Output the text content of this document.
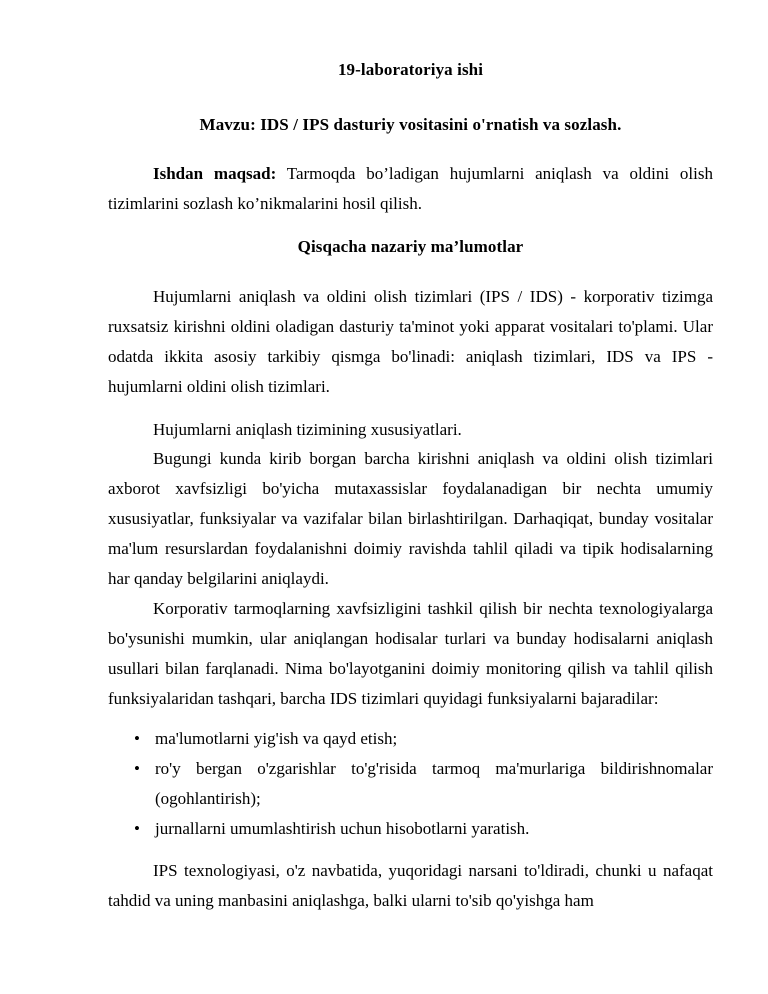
19-laboratoriya ishi
Mavzu: IDS / IPS dasturiy vositasini o'rnatish va sozlash.

Ishdan maqsad: Tarmoqda bo’ladigan hujumlarni aniqlash va oldini olish tizimlarini sozlash ko’nikmalarini hosil qilish.

Qisqacha nazariy ma’lumotlar

Hujumlarni aniqlash va oldini olish tizimlari (IPS / IDS) - korporativ tizimga ruxsatsiz kirishni oldini oladigan dasturiy ta'minot yoki apparat vositalari to'plami. Ular odatda ikkita asosiy tarkibiy qismga bo'linadi: aniqlash tizimlari, IDS va IPS - hujumlarni oldini olish tizimlari.

Hujumlarni aniqlash tizimining xususiyatlari.

Bugungi kunda kirib borgan barcha kirishni aniqlash va oldini olish tizimlari axborot xavfsizligi bo'yicha mutaxassislar foydalanadigan bir nechta umumiy xususiyatlar, funksiyalar va vazifalar bilan birlashtirilgan. Darhaqiqat, bunday vositalar ma'lum resurslardan foydalanishni doimiy ravishda tahlil qiladi va tipik hodisalarning har qanday belgilarini aniqlaydi.

Korporativ tarmoqlarning xavfsizligini tashkil qilish bir nechta texnologiyalarga bo'ysunishi mumkin, ular aniqlangan hodisalar turlari va bunday hodisalarni aniqlash usullari bilan farqlanadi. Nima bo'layotganini doimiy monitoring qilish va tahlil qilish funksiyalaridan tashqari, barcha IDS tizimlari quyidagi funksiyalarni bajaradilar:

• ma'lumotlarni yig'ish va qayd etish;
• ro'y bergan o'zgarishlar to'g'risida tarmoq ma'murlariga bildirishnomalar (ogohlantirish);
• jurnallarni umumlashtirish uchun hisobotlarni yaratish.

IPS texnologiyasi, o'z navbatida, yuqoridagi narsani to'ldiradi, chunki u nafaqat tahdid va uning manbasini aniqlashga, balki ularni to'sib qo'yishga ham
